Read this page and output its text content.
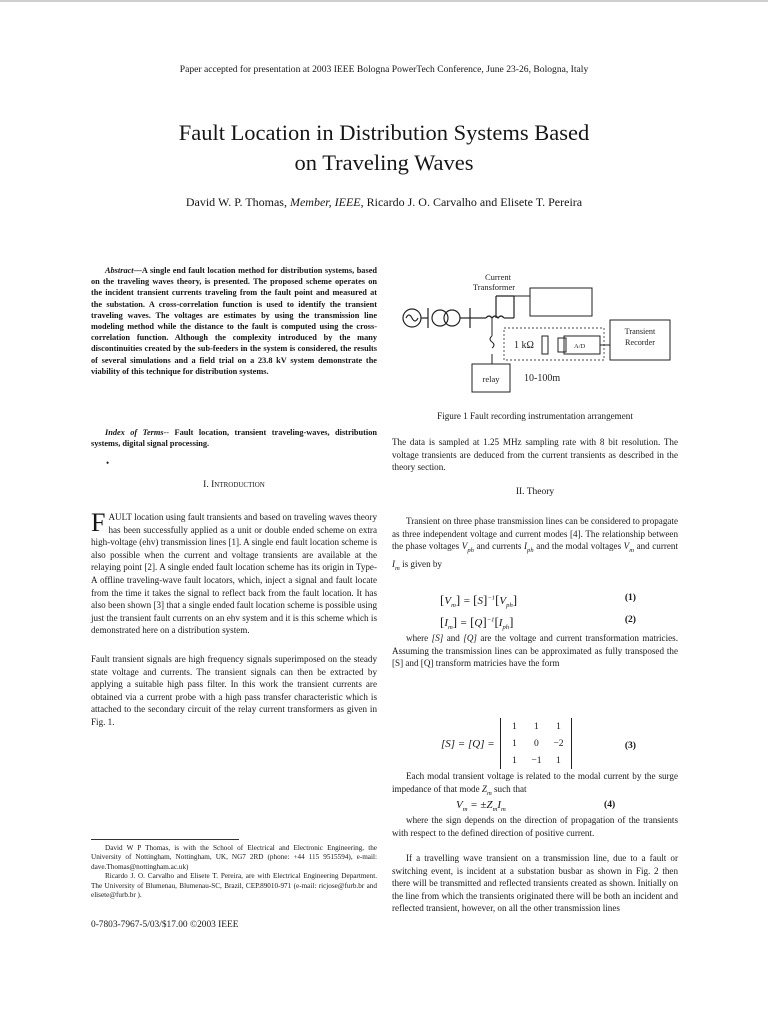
Paper accepted for presentation at 2003 IEEE Bologna PowerTech Conference, June 23-26, Bologna, Italy
Fault Location in Distribution Systems Based
on Traveling Waves
David W. P. Thomas, Member, IEEE, Ricardo J. O. Carvalho and Elisete T. Pereira

Abstract—A single end fault location method for distribution systems, based on the traveling waves theory, is presented. The proposed scheme operates on the incident transient currents traveling from the fault point and measured at the substation. A cross-correlation function is used to identify the transient traveling waves. The voltages are estimates by using the transmission line modeling method while the distance to the fault is computed using the cross-correlation function. Although the complexity introduced by the many discontinuities created by the sub-feeders in the system is considered, the results of several simulations and a field trial on a 23.8 kV system demonstrate the viability of this technique for distribution systems.

Index of Terms-- Fault location, transient traveling-waves, distribution systems, digital signal processing.

•

I. Introduction

FAULT location using fault transients and based on traveling waves theory has been successfully applied as a unit or double ended scheme on extra high-voltage (ehv) transmission lines [1]. A single end fault location scheme is also possible when the current and voltage transients are available at the relaying point [2]. A single ended fault location scheme has its origin in Type-A offline traveling-wave fault locators, which, inject a signal and fault locate from the time it takes the signal to reflect back from the fault location. It has also been shown [3] that a single ended fault location scheme is possible using just the transient fault currents on an ehv system and it is this scheme which is demonstrated here on a distribution system.

Fault transient signals are high frequency signals superimposed on the steady state voltage and currents. The transient signals can then be extracted by applying a suitable high pass filter. In this work the transient currents are obtained via a current probe with a high pass transfer characteristic which is attached to the secondary circuit of the relay current transformers as given in Fig. 1.

David W P Thomas, is with the School of Electrical and Electronic Engineering, the University of Nottingham, Nottingham, UK, NG7 2RD (phone: +44 115 9515594), e-mail: dave.Thomas@nottingham.ac.uk)

Ricardo J. O. Carvalho and Elisete T. Pereira, are with Electrical Engineering Department. The University of Blumenau, Blumenau-SC, Brazil, CEP.89010-971 (e-mail: ricjose@furb.br and elisete@furb.br ).

0-7803-7967-5/03/$17.00 ©2003 IEEE
Current
Transformer
1 kΩ	A/D
Transient
Recorder
relay 10-100m
Figure 1 Fault recording instrumentation arrangement

The data is sampled at 1.25 MHz sampling rate with 8 bit resolution. The voltage transients are deduced from the current transients as described in the theory section.

II. Theory

Transient on three phase transmission lines can be considered to propagate as three independent voltage and current modes [4]. The relationship between the phase voltages $V_{ph}$ and currents $I_{ph}$ and the modal voltages $V_m$ and current $I_m$ is given by

$[V_m] = [S]^{-1}[V_{ph}]$	(1)
$[I_m] = [Q]^{-1}[I_{ph}]$	(2)

where [S] and [Q] are the voltage and current transformation matricies. Assuming the transmission lines can be approximated as fully transposed the [S] and [Q] transform matricies have the form

[S] = [Q] =
1	1	1
1	0	−2
1	−1	1
(3)

Each modal transient voltage is related to the modal current by the surge impedance of that mode $Z_m$ such that

$V_m = \pm Z_mI_m$	(4)

where the sign depends on the direction of propagation of the transients with respect to the defined direction of positive current.

If a travelling wave transient on a transmission line, due to a fault or switching event, is incident at a substation busbar as shown in Fig. 2 then there will be transmitted and reflected transients created as shown. Initially on the line from which the transients originated there will be both an incident and reflected transient, however, on all the other transmission lines
